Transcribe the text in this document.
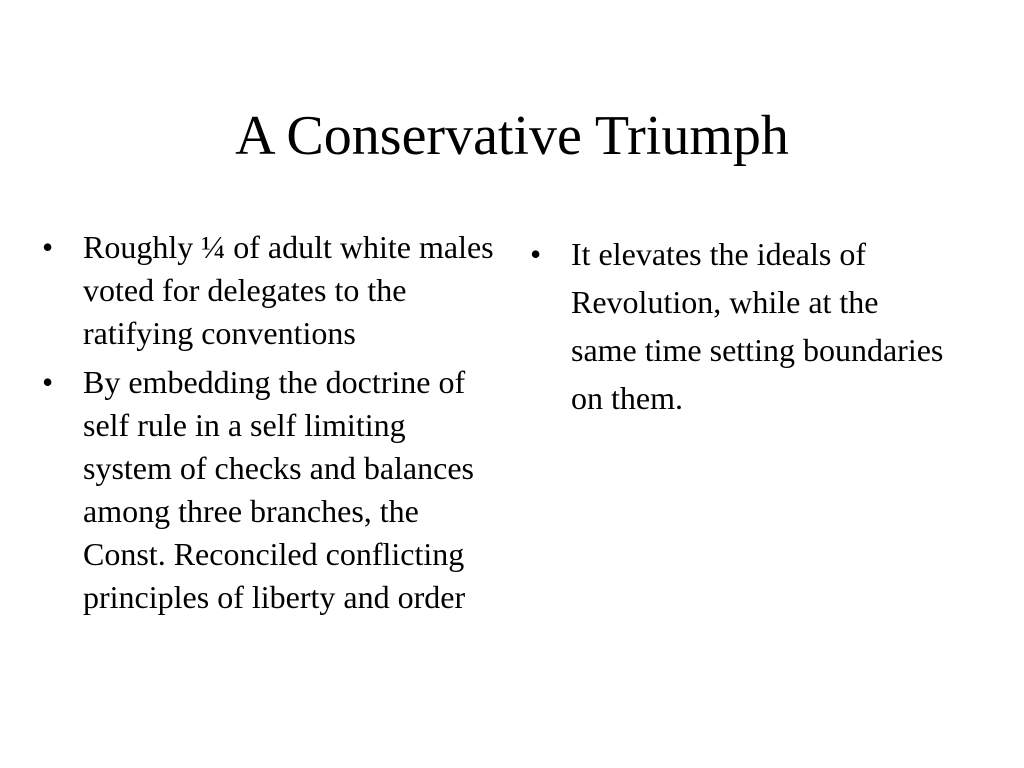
A Conservative Triumph
• Roughly ¼ of adult white males voted for delegates to the ratifying conventions
• By embedding the doctrine of self rule in a self limiting system of checks and balances among three branches, the Const. Reconciled conflicting principles of liberty and order
• It elevates the ideals of Revolution, while at the same time setting boundaries on them.
